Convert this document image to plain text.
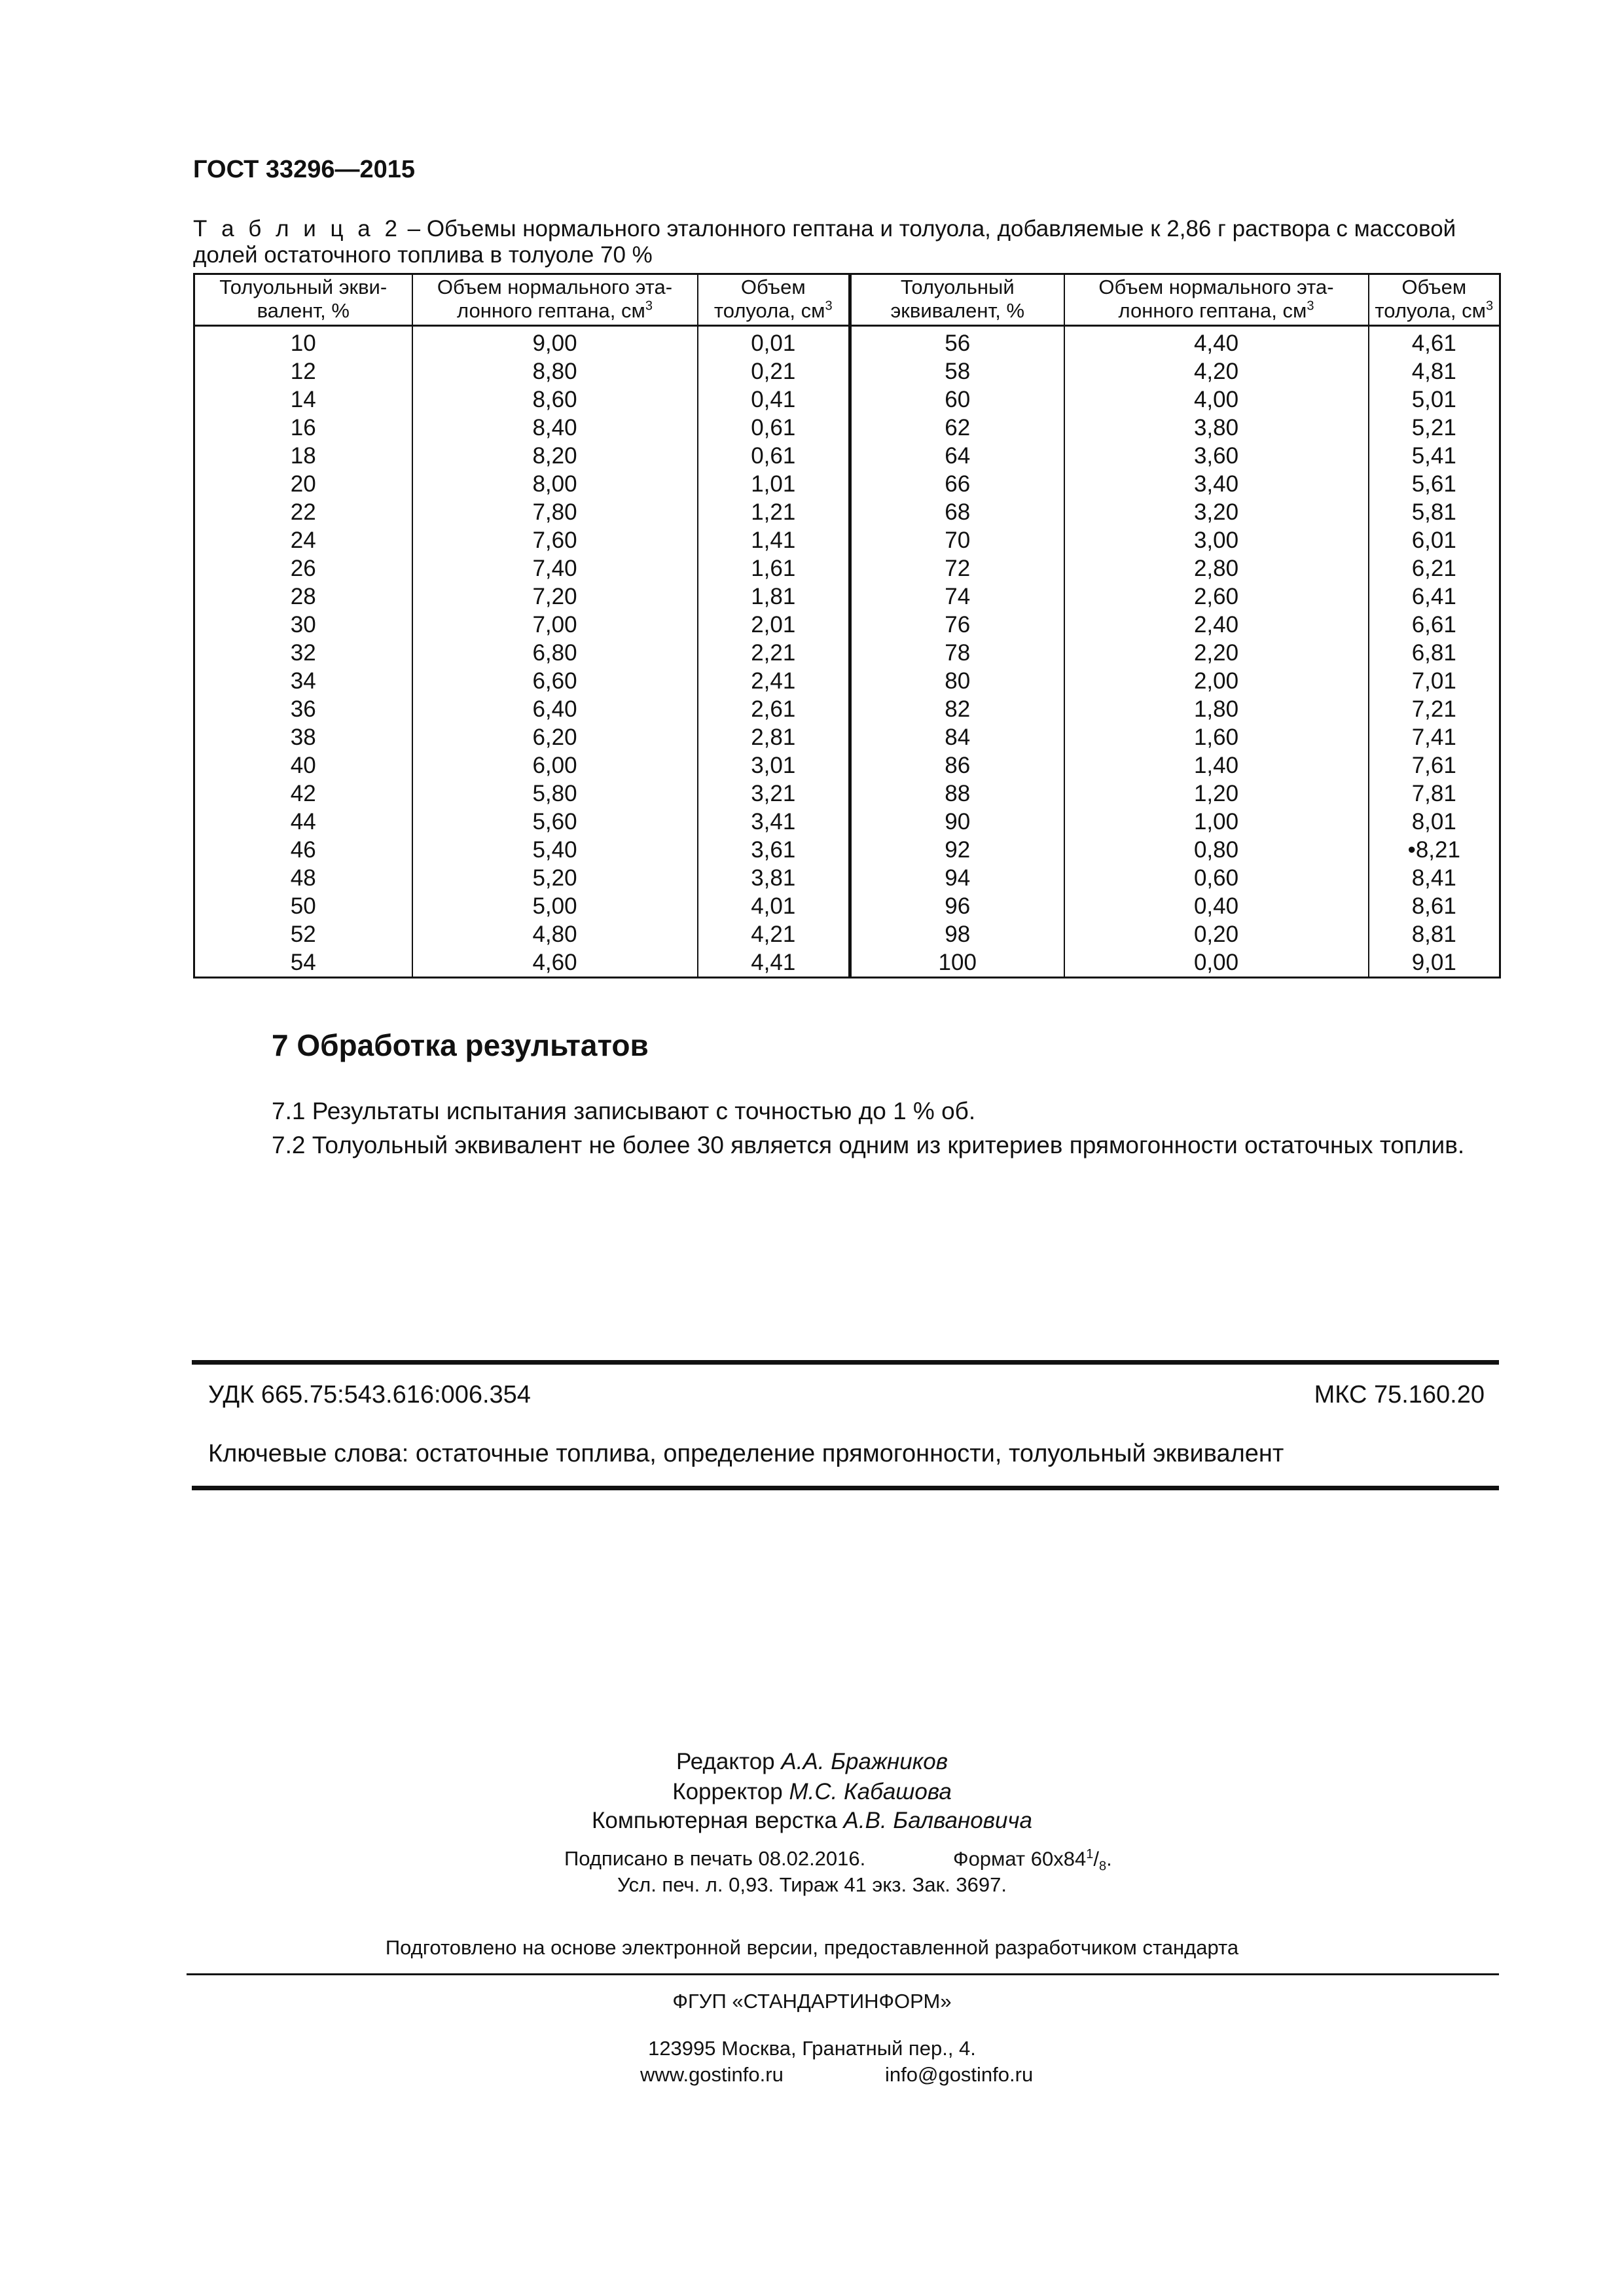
ГОСТ 33296—2015
Т а б л и ц а 2 – Объемы нормального эталонного гептана и толуола, добавляемые к 2,86 г раствора с массовой долей остаточного топлива в толуоле 70 %
Толуольный экви-валент, %	Объем нормального эта-лонного гептана, $см^3$	Объем толуола, $см^3$	Толуольный эквивалент, %	Объем нормального эта-лонного гептана, $см^3$	Объем толуола, $см^3$
10	9,00	0,01	56	4,40	4,61
12	8,80	0,21	58	4,20	4,81
14	8,60	0,41	60	4,00	5,01
16	8,40	0,61	62	3,80	5,21
18	8,20	0,61	64	3,60	5,41
20	8,00	1,01	66	3,40	5,61
22	7,80	1,21	68	3,20	5,81
24	7,60	1,41	70	3,00	6,01
26	7,40	1,61	72	2,80	6,21
28	7,20	1,81	74	2,60	6,41
30	7,00	2,01	76	2,40	6,61
32	6,80	2,21	78	2,20	6,81
34	6,60	2,41	80	2,00	7,01
36	6,40	2,61	82	1,80	7,21
38	6,20	2,81	84	1,60	7,41
40	6,00	3,01	86	1,40	7,61
42	5,80	3,21	88	1,20	7,81
44	5,60	3,41	90	1,00	8,01
46	5,40	3,61	92	0,80	•8,21
48	5,20	3,81	94	0,60	8,41
50	5,00	4,01	96	0,40	8,61
52	4,80	4,21	98	0,20	8,81
54	4,60	4,41	100	0,00	9,01
7 Обработка результатов
7.1 Результаты испытания записывают с точностью до 1 % об.
7.2 Толуольный эквивалент не более 30 является одним из критериев прямогонности остаточных топлив.
УДК 665.75:543.616:006.354	МКС 75.160.20
Ключевые слова: остаточные топлива, определение прямогонности, толуольный эквивалент
Редактор А.А. Бражников
Корректор М.С. Кабашова
Компьютерная верстка А.В. Балвановича
Подписано в печать 08.02.2016.	Формат $60х84^1/_8$.
Усл. печ. л. 0,93. Тираж 41 экз. Зак. 3697.
Подготовлено на основе электронной версии, предоставленной разработчиком стандарта
ФГУП «СТАНДАРТИНФОРМ»
123995 Москва, Гранатный пер., 4.
www.gostinfo.ru	info@gostinfo.ru
